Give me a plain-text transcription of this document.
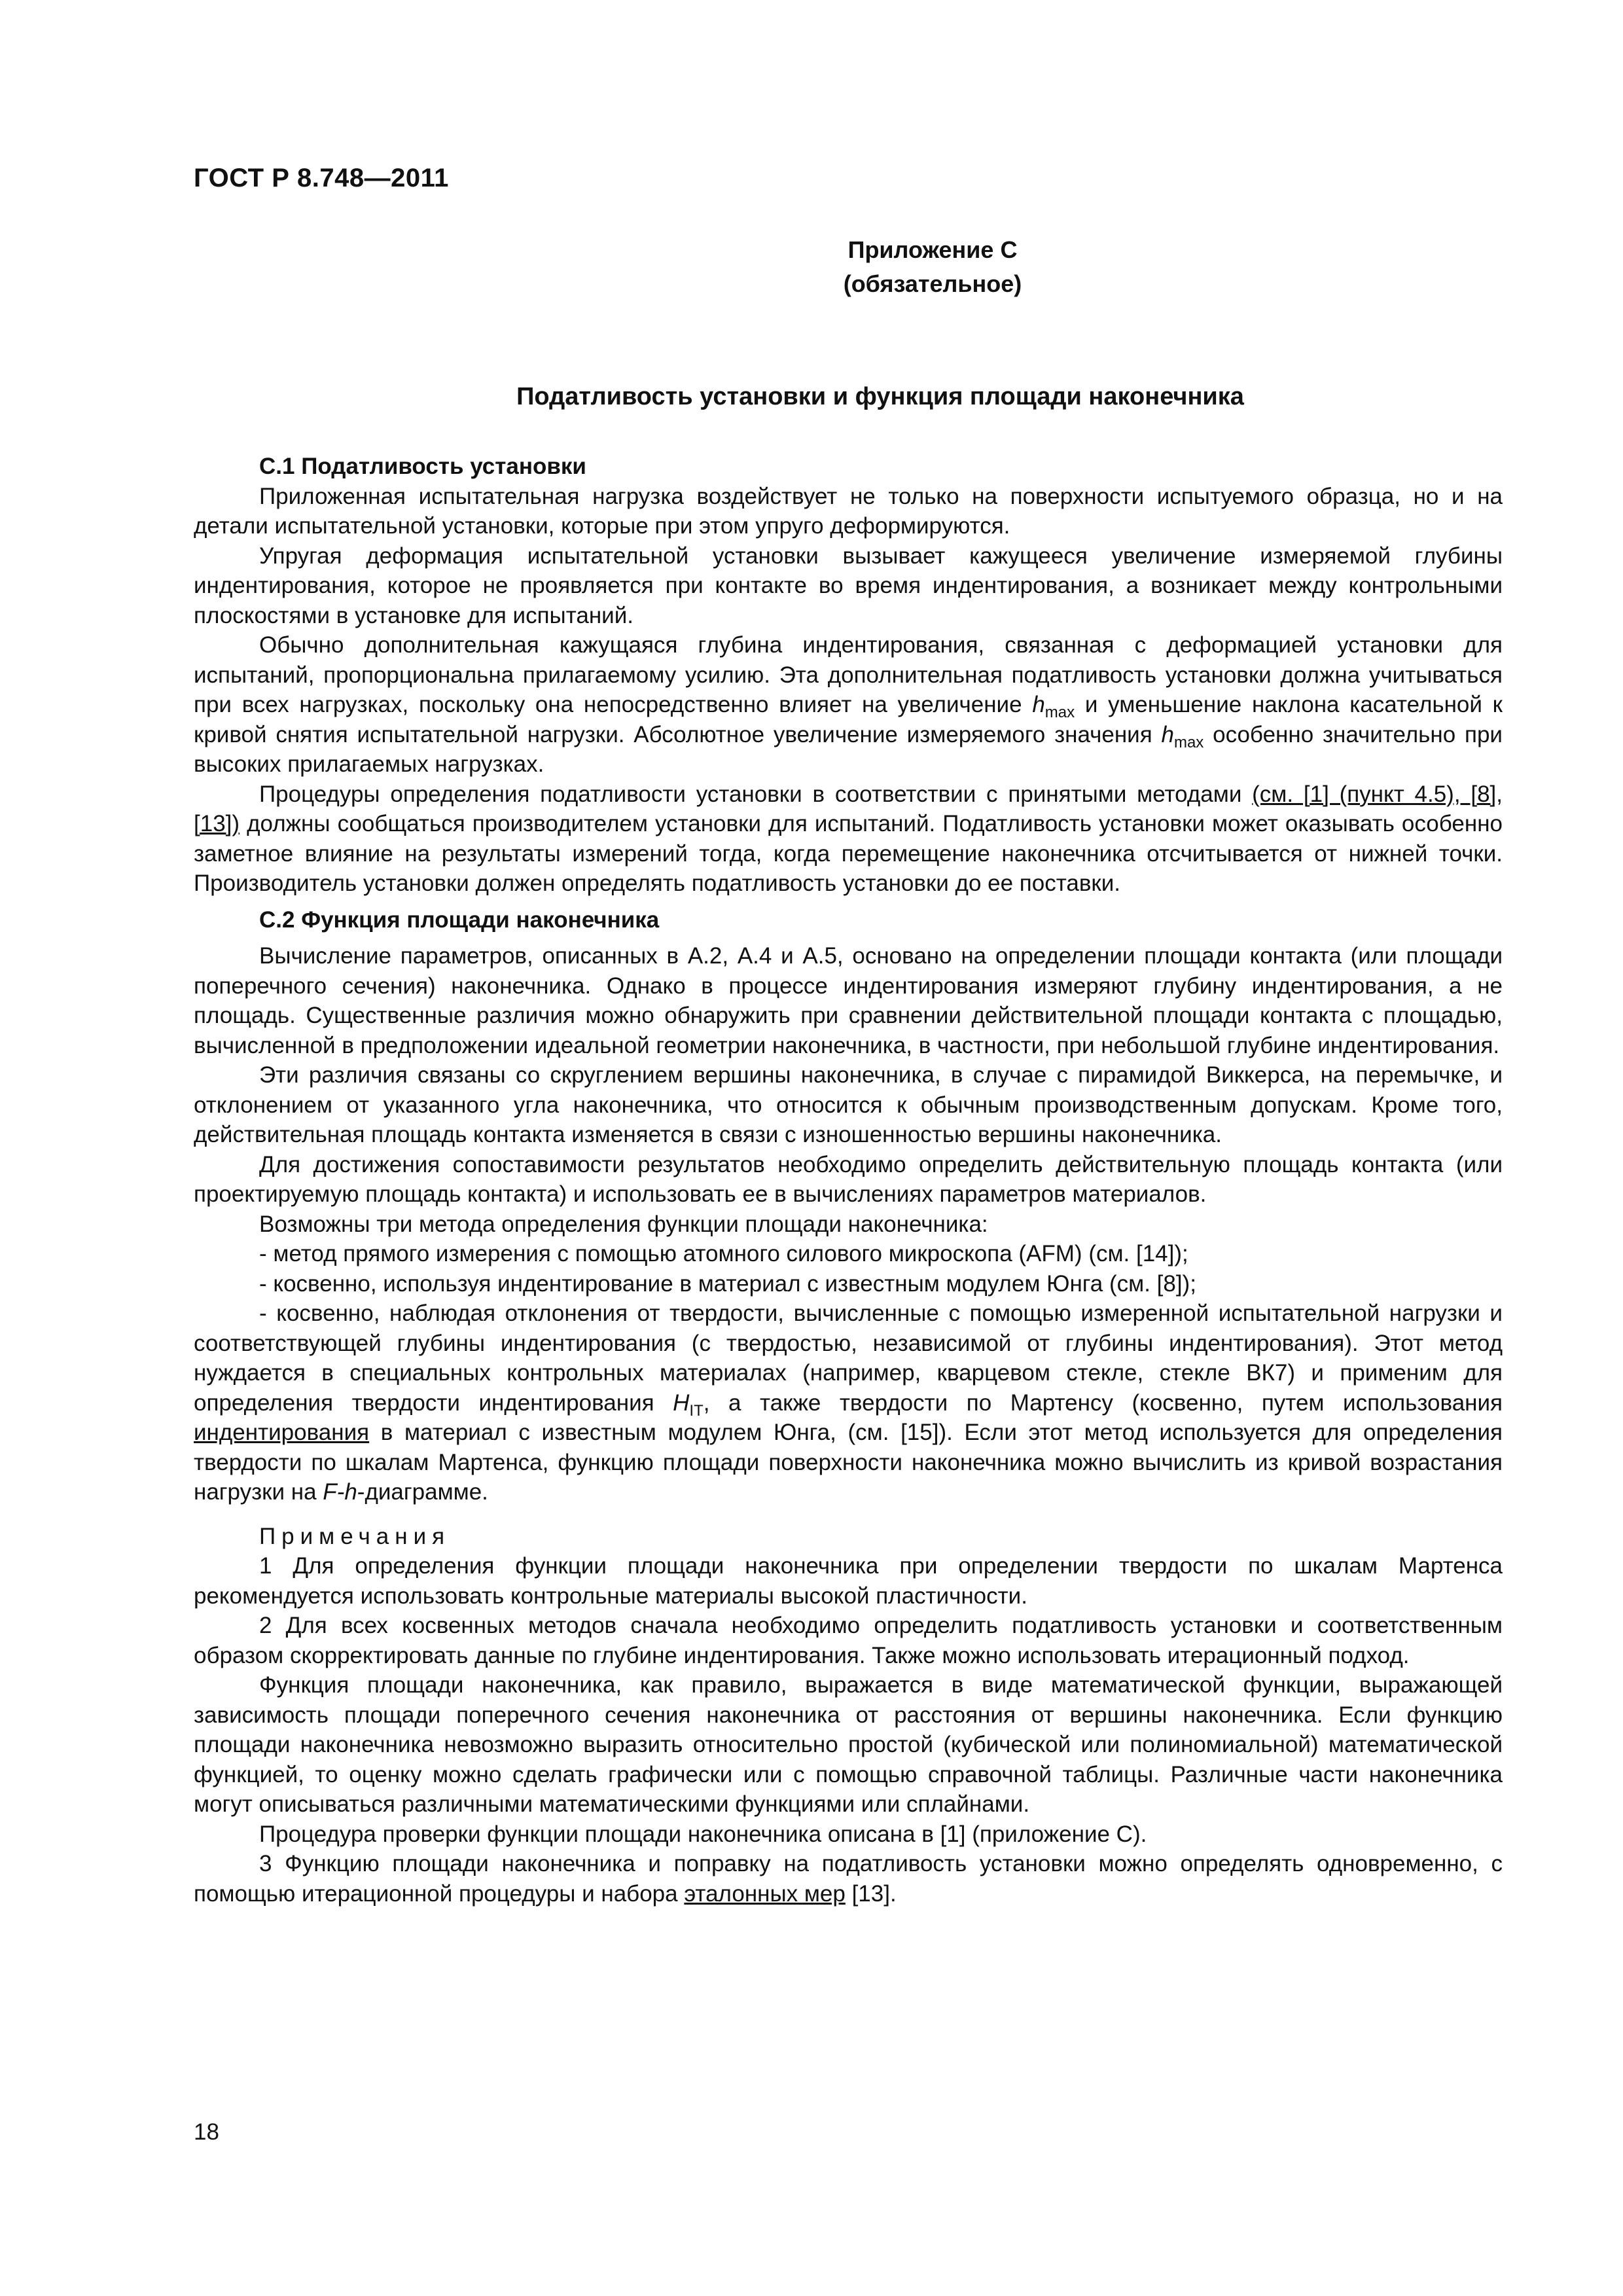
ГОСТ Р 8.748—2011
Приложение С
(обязательное)
Податливость установки и функция площади наконечника
С.1 Податливость установки

Приложенная испытательная нагрузка воздействует не только на поверхности испытуемого образца, но и на детали испытательной установки, которые при этом упруго деформируются.

Упругая деформация испытательной установки вызывает кажущееся увеличение измеряемой глубины индентирования, которое не проявляется при контакте во время индентирования, а возникает между контрольными плоскостями в установке для испытаний.

Обычно дополнительная кажущаяся глубина индентирования, связанная с деформацией установки для испытаний, пропорциональна прилагаемому усилию. Эта дополнительная податливость установки должна учитываться при всех нагрузках, поскольку она непосредственно влияет на увеличение $h_{max}$ и уменьшение наклона касательной к кривой снятия испытательной нагрузки. Абсолютное увеличение измеряемого значения $h_{max}$ особенно значительно при высоких прилагаемых нагрузках.

Процедуры определения податливости установки в соответствии с принятыми методами (см. [1] (пункт 4.5), [8], [13]) должны сообщаться производителем установки для испытаний. Податливость установки может оказывать особенно заметное влияние на результаты измерений тогда, когда перемещение наконечника отсчитывается от нижней точки. Производитель установки должен определять податливость установки до ее поставки.

С.2 Функция площади наконечника

Вычисление параметров, описанных в А.2, А.4 и А.5, основано на определении площади контакта (или площади поперечного сечения) наконечника. Однако в процессе индентирования измеряют глубину индентирования, а не площадь. Существенные различия можно обнаружить при сравнении действительной площади контакта с площадью, вычисленной в предположении идеальной геометрии наконечника, в частности, при небольшой глубине индентирования.

Эти различия связаны со скруглением вершины наконечника, в случае с пирамидой Виккерса, на перемычке, и отклонением от указанного угла наконечника, что относится к обычным производственным допускам. Кроме того, действительная площадь контакта изменяется в связи с изношенностью вершины наконечника.

Для достижения сопоставимости результатов необходимо определить действительную площадь контакта (или проектируемую площадь контакта) и использовать ее в вычислениях параметров материалов.

Возможны три метода определения функции площади наконечника:

- метод прямого измерения с помощью атомного силового микроскопа (AFM) (см. [14]);

- косвенно, используя индентирование в материал с известным модулем Юнга (см. [8]);

- косвенно, наблюдая отклонения от твердости, вычисленные с помощью измеренной испытательной нагрузки и соответствующей глубины индентирования (с твердостью, независимой от глубины индентирования). Этот метод нуждается в специальных контрольных материалах (например, кварцевом стекле, стекле ВК7) и применим для определения твердости индентирования $H_{IT}$, а также твердости по Мартенсу (косвенно, путем использования индентирования в материал с известным модулем Юнга, (см. [15]). Если этот метод используется для определения твердости по шкалам Мартенса, функцию площади поверхности наконечника можно вычислить из кривой возрастания нагрузки на F-h-диаграмме.

Примечания

1 Для определения функции площади наконечника при определении твердости по шкалам Мартенса рекомендуется использовать контрольные материалы высокой пластичности.

2 Для всех косвенных методов сначала необходимо определить податливость установки и соответственным образом скорректировать данные по глубине индентирования. Также можно использовать итерационный подход.

Функция площади наконечника, как правило, выражается в виде математической функции, выражающей зависимость площади поперечного сечения наконечника от расстояния от вершины наконечника. Если функцию площади наконечника невозможно выразить относительно простой (кубической или полиномиальной) математической функцией, то оценку можно сделать графически или с помощью справочной таблицы. Различные части наконечника могут описываться различными математическими функциями или сплайнами.

Процедура проверки функции площади наконечника описана в [1] (приложение С).

3 Функцию площади наконечника и поправку на податливость установки можно определять одновременно, с помощью итерационной процедуры и набора эталонных мер [13].

18
